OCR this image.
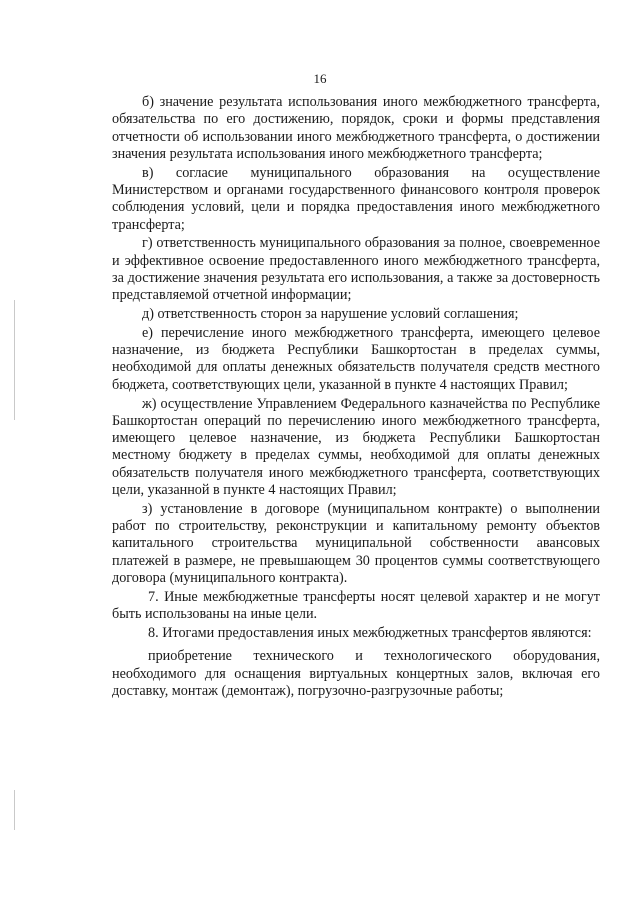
16

б) значение результата использования иного межбюджетного трансферта, обязательства по его достижению, порядок, сроки и формы представления отчетности об использовании иного межбюджетного трансферта, о достижении значения результата использования иного межбюджетного трансферта;

в) согласие муниципального образования на осуществление Министерством и органами государственного финансового контроля проверок соблюдения условий, цели и порядка предоставления иного межбюджетного трансферта;

г) ответственность муниципального образования за полное, своевременное и эффективное освоение предоставленного иного межбюджетного трансферта, за достижение значения результата его использования, а также за достоверность представляемой отчетной информации;

д) ответственность сторон за нарушение условий соглашения;

е) перечисление иного межбюджетного трансферта, имеющего целевое назначение, из бюджета Республики Башкортостан в пределах суммы, необходимой для оплаты денежных обязательств получателя средств местного бюджета, соответствующих цели, указанной в пункте 4 настоящих Правил;

ж) осуществление Управлением Федерального казначейства по Республике Башкортостан операций по перечислению иного межбюджетного трансферта, имеющего целевое назначение, из бюджета Республики Башкортостан местному бюджету в пределах суммы, необходимой для оплаты денежных обязательств получателя иного межбюджетного трансферта, соответствующих цели, указанной в пункте 4 настоящих Правил;

з) установление в договоре (муниципальном контракте) о выполнении работ по строительству, реконструкции и капитальному ремонту объектов капитального строительства муниципальной собственности авансовых платежей в размере, не превышающем 30 процентов суммы соответствующего договора (муниципального контракта).

7. Иные межбюджетные трансферты носят целевой характер и не могут быть использованы на иные цели.

8. Итогами предоставления иных межбюджетных трансфертов являются:

приобретение технического и технологического оборудования, необходимого для оснащения виртуальных концертных залов, включая его доставку, монтаж (демонтаж), погрузочно-разгрузочные работы;
